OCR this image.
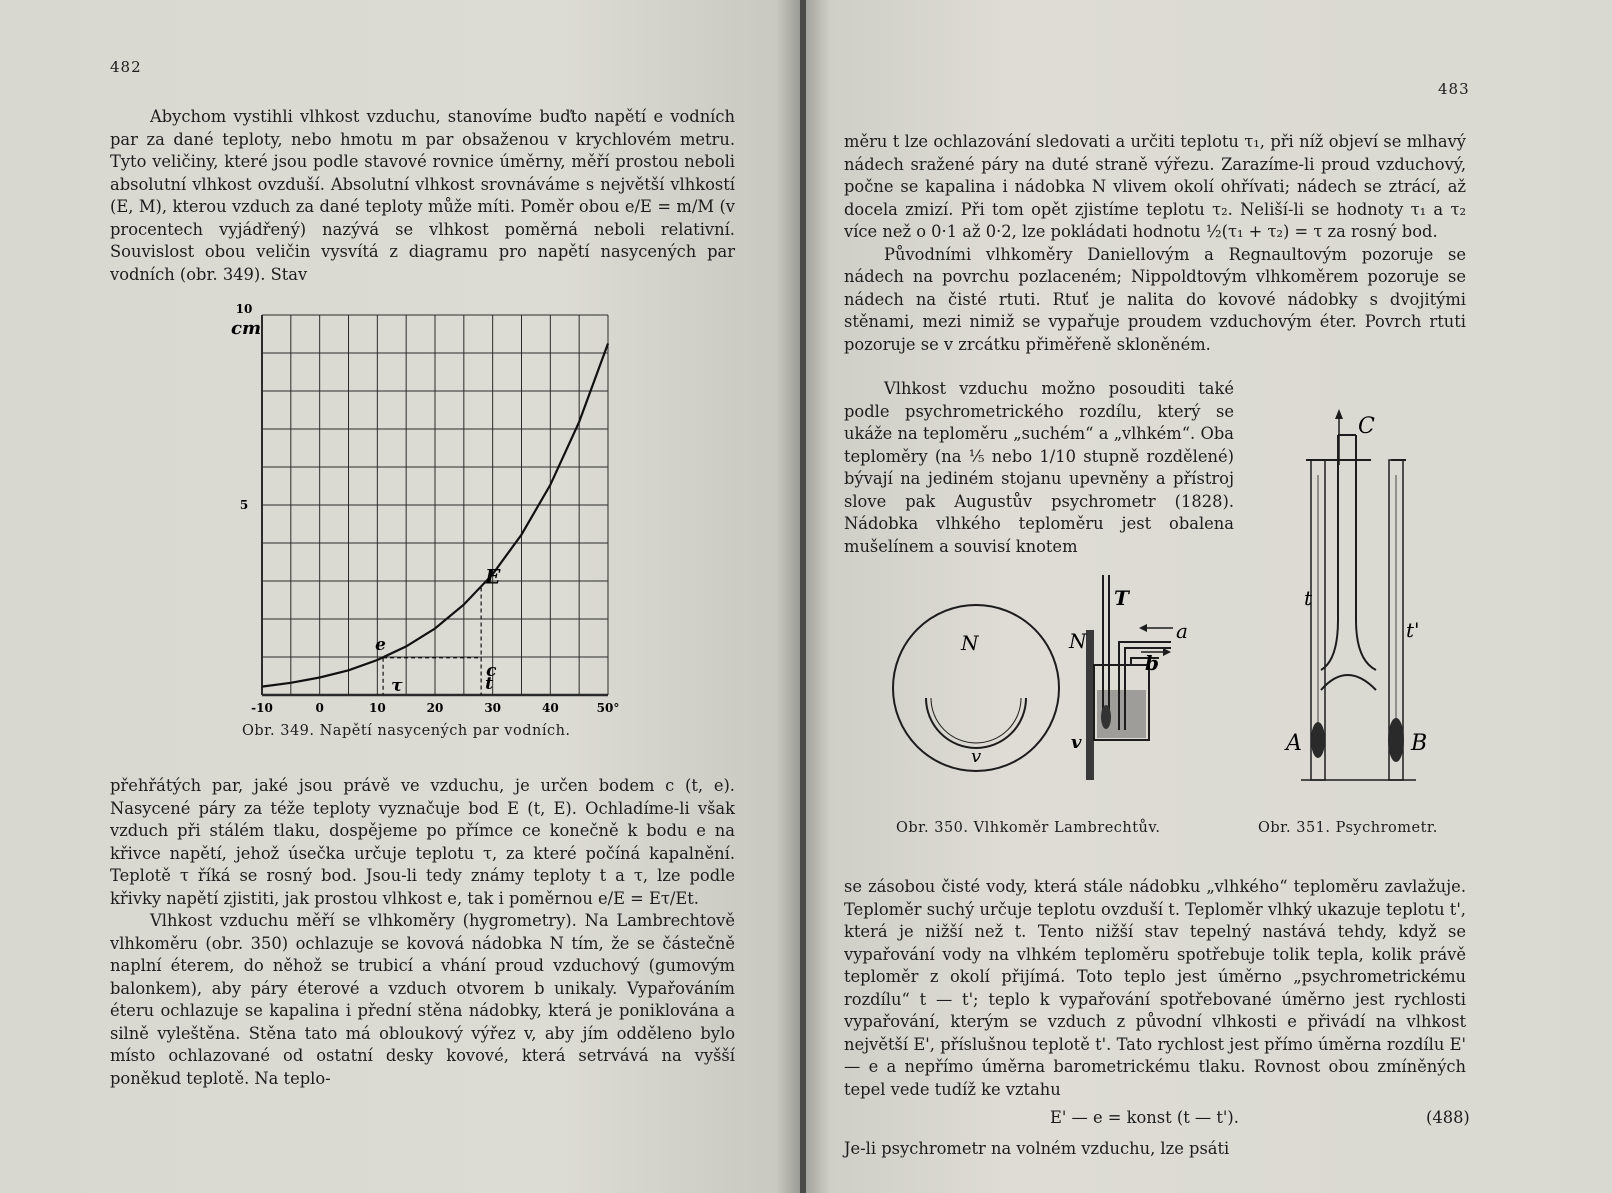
482

Abychom vystihli vlhkost vzduchu, stanovíme buďto napětí e vodních par za dané teploty, nebo hmotu m par obsaženou v krychlovém metru. Tyto veličiny, které jsou podle stavové rovnice úměrny, měří prostou neboli absolutní vlhkost ovzduší. Absolutní vlhkost srovnáváme s největší vlhkostí (E, M), kterou vzduch za dané teploty může míti. Poměr obou e/E = m/M (v procentech vyjádřený) nazývá se vlhkost poměrná neboli relativní. Souvislost obou veličin vysvítá z diagramu pro napětí nasycených par vodních (obr. 349). Stav

-10	0	10	20	30	40	50°
10
5
cm
E
e
c
τ	t
Obr. 349. Napětí nasycených par vodních.

přehřátých par, jaké jsou právě ve vzduchu, je určen bodem c (t, e). Nasycené páry za téže teploty vyznačuje bod E (t, E). Ochladíme-li však vzduch při stálém tlaku, dospějeme po přímce ce konečně k bodu e na křivce napětí, jehož úsečka určuje teplotu τ, za které počíná kapalnění. Teplotě τ říká se rosný bod. Jsou-li tedy známy teploty t a τ, lze podle křivky napětí zjistiti, jak prostou vlhkost e, tak i poměrnou e/E = Eτ/Et.

Vlhkost vzduchu měří se vlhkoměry (hygrometry). Na Lambrechtově vlhkoměru (obr. 350) ochlazuje se kovová nádobka N tím, že se částečně naplní éterem, do něhož se trubicí a vhání proud vzduchový (gumovým balonkem), aby páry éterové a vzduch otvorem b unikaly. Vypařováním éteru ochlazuje se kapalina i přední stěna nádobky, která je poniklována a silně vyleštěna. Stěna tato má obloukový výřez v, aby jím odděleno bylo místo ochlazované od ostatní desky kovové, která setrvává na vyšší poněkud teplotě. Na teplo-

483

měru t lze ochlazování sledovati a určiti teplotu τ₁, při níž objeví se mlhavý nádech sražené páry na duté straně výřezu. Zarazíme-li proud vzduchový, počne se kapalina i nádobka N vlivem okolí ohřívati; nádech se ztrácí, až docela zmizí. Při tom opět zjistíme teplotu τ₂. Neliší-li se hodnoty τ₁ a τ₂ více než o 0·1 až 0·2, lze pokládati hodnotu ½(τ₁ + τ₂) = τ za rosný bod.

Původními vlhkoměry Daniellovým a Regnaultovým pozoruje se nádech na povrchu pozlaceném; Nippoldtovým vlhkoměrem pozoruje se nádech na čisté rtuti. Rtuť je nalita do kovové nádobky s dvojitými stěnami, mezi nimiž se vypařuje proudem vzduchovým éter. Povrch rtuti pozoruje se v zrcátku přiměřeně skloněném.

Vlhkost vzduchu možno posouditi také podle psychrometrického rozdílu, který se ukáže na teploměru „suchém“ a „vlhkém“. Oba teploměry (na ⅕ nebo 1/10 stupně rozdělené) bývají na jediném stojanu upevněny a přístroj slove pak Augustův psychrometr (1828). Nádobka vlhkého teploměru jest obalena mušelínem a souvisí knotem

N
v
T
N	a
b
v
C
t
t'
A	B
Obr. 350. Vlhkoměr Lambrechtův.	Obr. 351. Psychrometr.

se zásobou čisté vody, která stále nádobku „vlhkého“ teploměru zavlažuje. Teploměr suchý určuje teplotu ovzduší t. Teploměr vlhký ukazuje teplotu t', která je nižší než t. Tento nižší stav tepelný nastává tehdy, když se vypařování vody na vlhkém teploměru spotřebuje tolik tepla, kolik právě teploměr z okolí přijímá. Toto teplo jest úměrno „psychrometrickému rozdílu“ t — t'; teplo k vypařování spotřebované úměrno jest rychlosti vypařování, kterým se vzduch z původní vlhkosti e přivádí na vlhkost největší E', příslušnou teplotě t'. Tato rychlost jest přímo úměrna rozdílu E' — e a nepřímo úměrna barometrickému tlaku. Rovnost obou zmíněných tepel vede tudíž ke vztahu

E' — e = konst (t — t').	(488)

Je-li psychrometr na volném vzduchu, lze psáti
